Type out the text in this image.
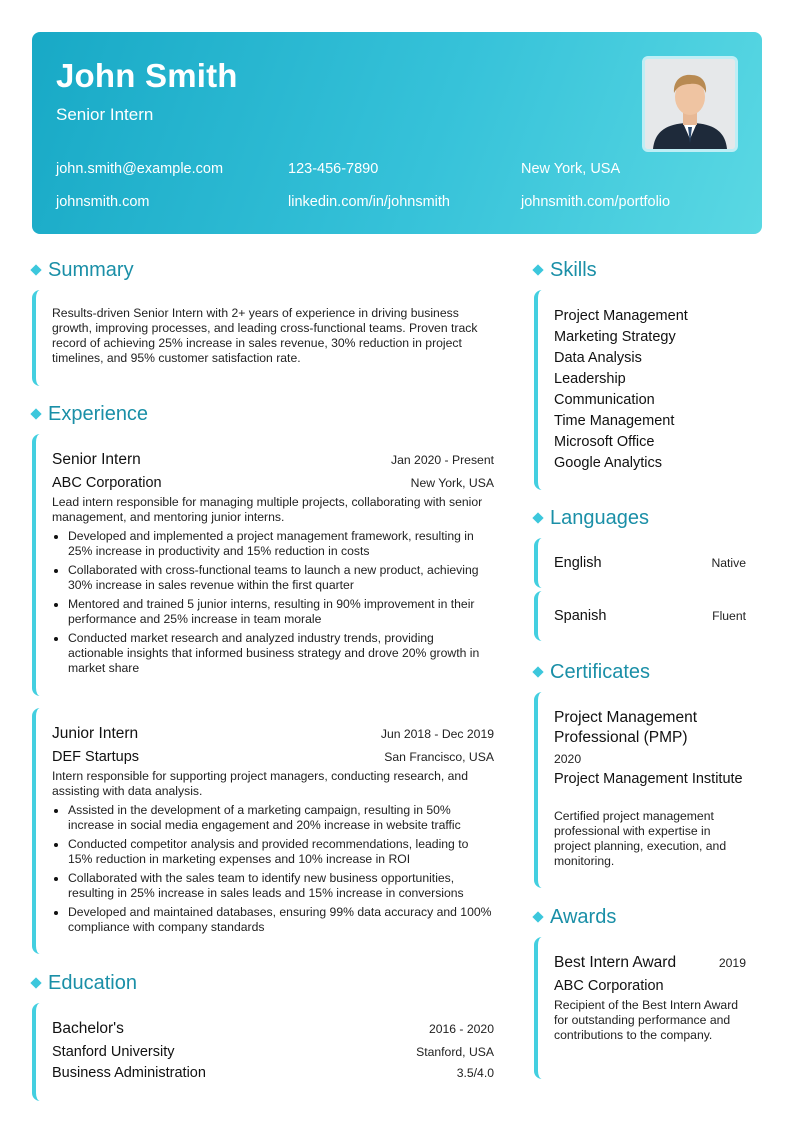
John Smith
Senior Intern
john.smith@example.com	123-456-7890	New York, USA
johnsmith.com	linkedin.com/in/johnsmith	johnsmith.com/portfolio
Summary
Results-driven Senior Intern with 2+ years of experience in driving business growth, improving processes, and leading cross-functional teams. Proven track record of achieving 25% increase in sales revenue, 30% reduction in project timelines, and 95% customer satisfaction rate.
Experience
Senior Intern	Jan 2020 - Present
ABC Corporation	New York, USA
Lead intern responsible for managing multiple projects, collaborating with senior management, and mentoring junior interns.
Developed and implemented a project management framework, resulting in 25% increase in productivity and 15% reduction in costs
Collaborated with cross-functional teams to launch a new product, achieving 30% increase in sales revenue within the first quarter
Mentored and trained 5 junior interns, resulting in 90% improvement in their performance and 25% increase in team morale
Conducted market research and analyzed industry trends, providing actionable insights that informed business strategy and drove 20% growth in market share
Junior Intern	Jun 2018 - Dec 2019
DEF Startups	San Francisco, USA
Intern responsible for supporting project managers, conducting research, and assisting with data analysis.
Assisted in the development of a marketing campaign, resulting in 50% increase in social media engagement and 20% increase in website traffic
Conducted competitor analysis and provided recommendations, leading to 15% reduction in marketing expenses and 10% increase in ROI
Collaborated with the sales team to identify new business opportunities, resulting in 25% increase in sales leads and 15% increase in conversions
Developed and maintained databases, ensuring 99% data accuracy and 100% compliance with company standards
Education
Bachelor's	2016 - 2020
Stanford University	Stanford, USA
Business Administration	3.5/4.0
Skills
Project Management
Marketing Strategy
Data Analysis
Leadership
Communication
Time Management
Microsoft Office
Google Analytics
Languages
English	Native
Spanish	Fluent
Certificates
Project Management Professional (PMP)
2020
Project Management Institute
Certified project management professional with expertise in project planning, execution, and monitoring.
Awards
Best Intern Award	2019
ABC Corporation
Recipient of the Best Intern Award for outstanding performance and contributions to the company.
